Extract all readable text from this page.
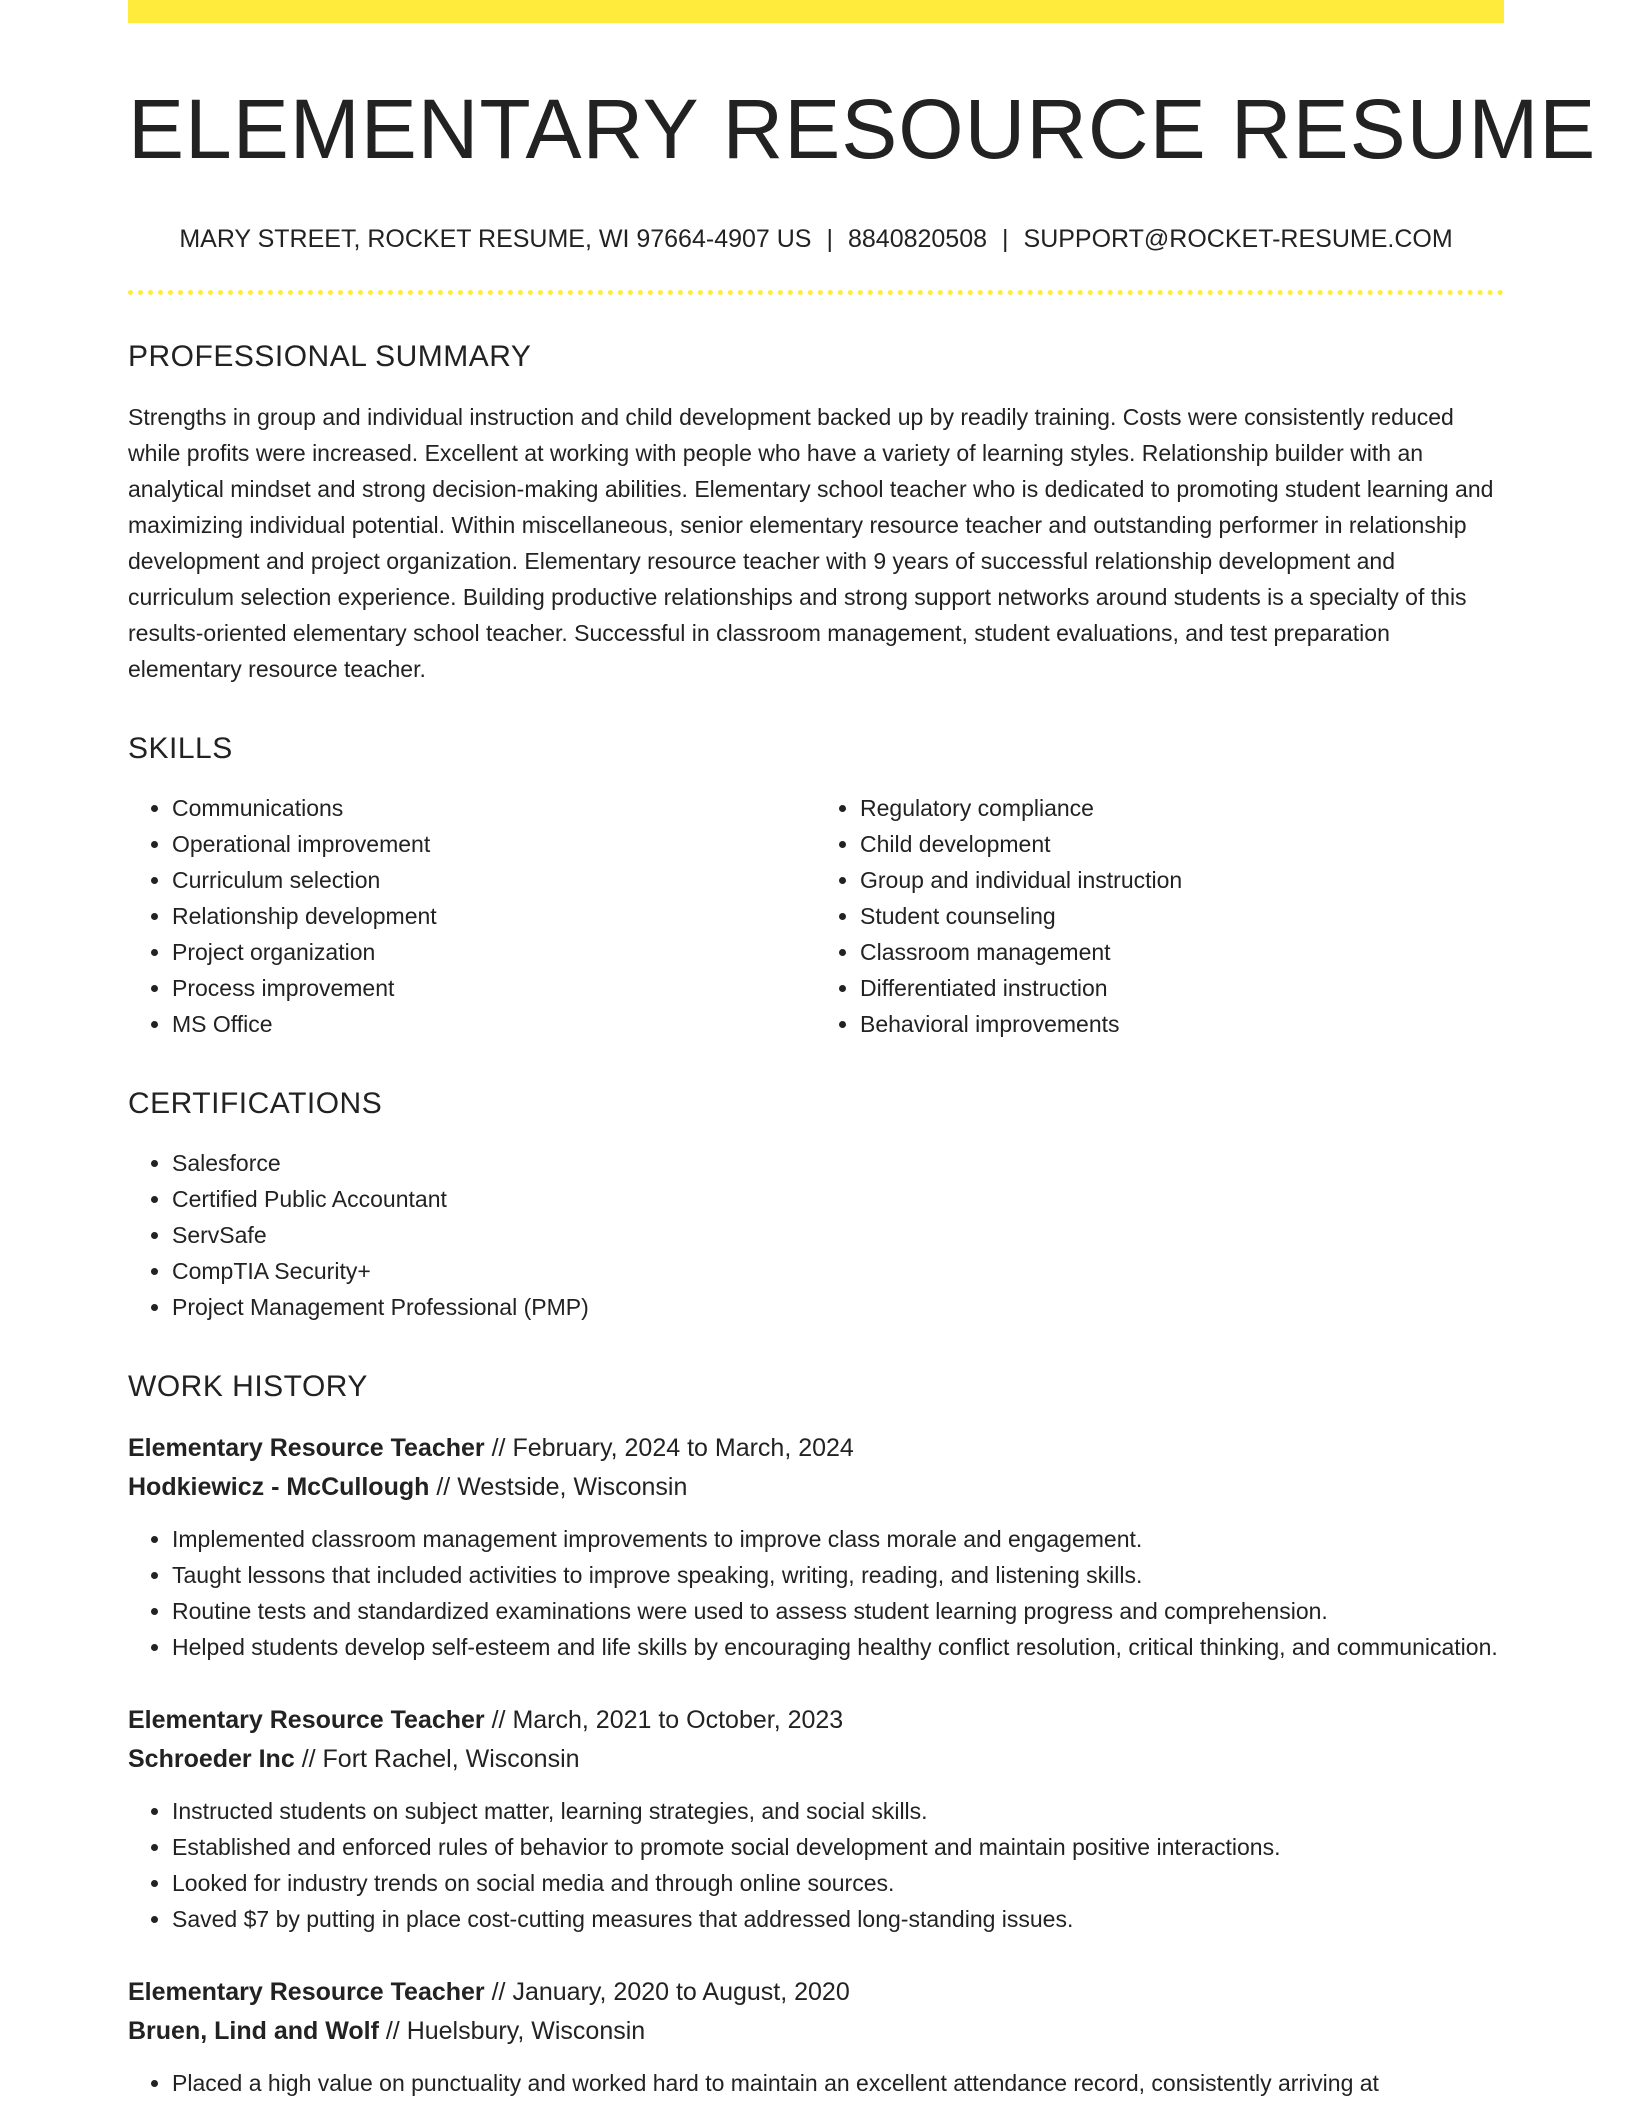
ELEMENTARY RESOURCE RESUME
MARY STREET, ROCKET RESUME, WI 97664-4907 US | 8840820508 | SUPPORT@ROCKET-RESUME.COM
PROFESSIONAL SUMMARY

Strengths in group and individual instruction and child development backed up by readily training. Costs were consistently reduced while profits were increased. Excellent at working with people who have a variety of learning styles. Relationship builder with an analytical mindset and strong decision-making abilities. Elementary school teacher who is dedicated to promoting student learning and maximizing individual potential. Within miscellaneous, senior elementary resource teacher and outstanding performer in relationship development and project organization. Elementary resource teacher with 9 years of successful relationship development and curriculum selection experience. Building productive relationships and strong support networks around students is a specialty of this results-oriented elementary school teacher. Successful in classroom management, student evaluations, and test preparation elementary resource teacher.

SKILLS
• Communications
• Operational improvement
• Curriculum selection
• Relationship development
• Project organization
• Process improvement
• MS Office
• Regulatory compliance
• Child development
• Group and individual instruction
• Student counseling
• Classroom management
• Differentiated instruction
• Behavioral improvements
CERTIFICATIONS
• Salesforce
• Certified Public Accountant
• ServSafe
• CompTIA Security+
• Project Management Professional (PMP)
WORK HISTORY
Elementary Resource Teacher // February, 2024 to March, 2024
Hodkiewicz - McCullough // Westside, Wisconsin
• Implemented classroom management improvements to improve class morale and engagement.
• Taught lessons that included activities to improve speaking, writing, reading, and listening skills.
• Routine tests and standardized examinations were used to assess student learning progress and comprehension.
• Helped students develop self-esteem and life skills by encouraging healthy conflict resolution, critical thinking, and communication.
Elementary Resource Teacher // March, 2021 to October, 2023
Schroeder Inc // Fort Rachel, Wisconsin
• Instructed students on subject matter, learning strategies, and social skills.
• Established and enforced rules of behavior to promote social development and maintain positive interactions.
• Looked for industry trends on social media and through online sources.
• Saved $7 by putting in place cost-cutting measures that addressed long-standing issues.
Elementary Resource Teacher // January, 2020 to August, 2020
Bruen, Lind and Wolf // Huelsbury, Wisconsin
• Placed a high value on punctuality and worked hard to maintain an excellent attendance record, consistently arriving at
